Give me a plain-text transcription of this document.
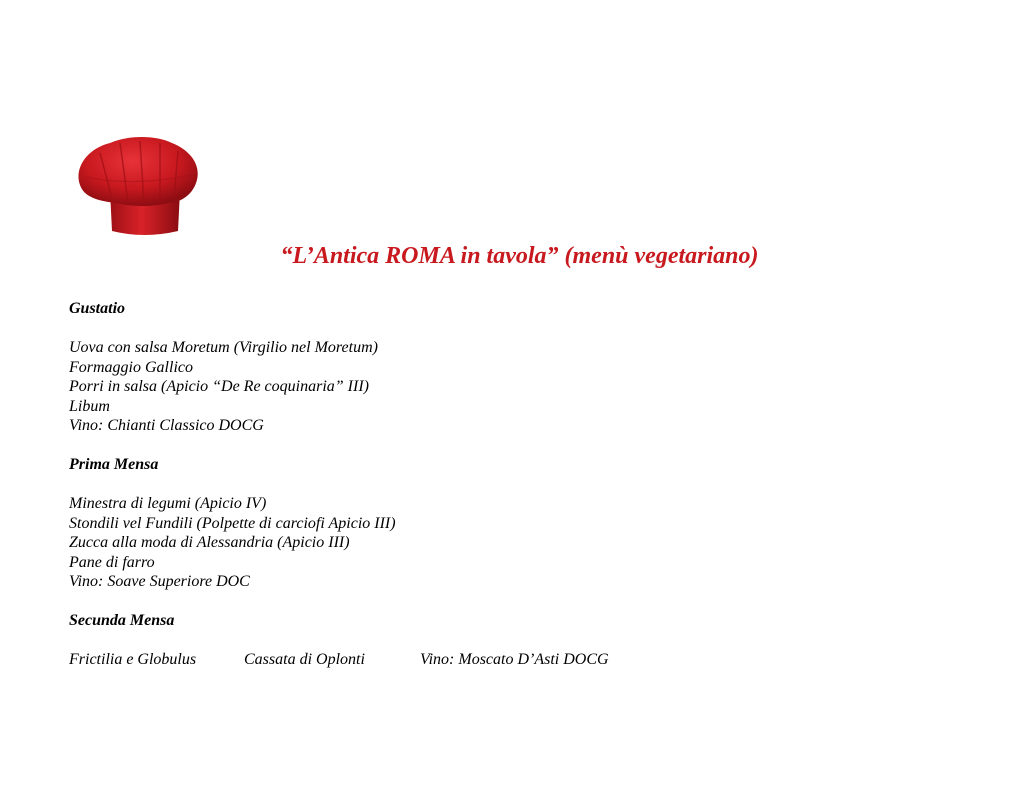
“L’Antica ROMA in tavola” (menù vegetariano)
Gustatio
Uova con salsa Moretum (Virgilio nel Moretum)
Formaggio Gallico
Porri in salsa (Apicio “De Re coquinaria” III)
Libum
Vino: Chianti Classico DOCG
Prima Mensa
Minestra di legumi (Apicio IV)
Stondili vel Fundili (Polpette di carciofi Apicio III)
Zucca alla moda di Alessandria (Apicio III)
Pane di farro
Vino: Soave Superiore DOC
Secunda Mensa
Frictilia e Globulus	Cassata di Oplonti	Vino: Moscato D’Asti DOCG
